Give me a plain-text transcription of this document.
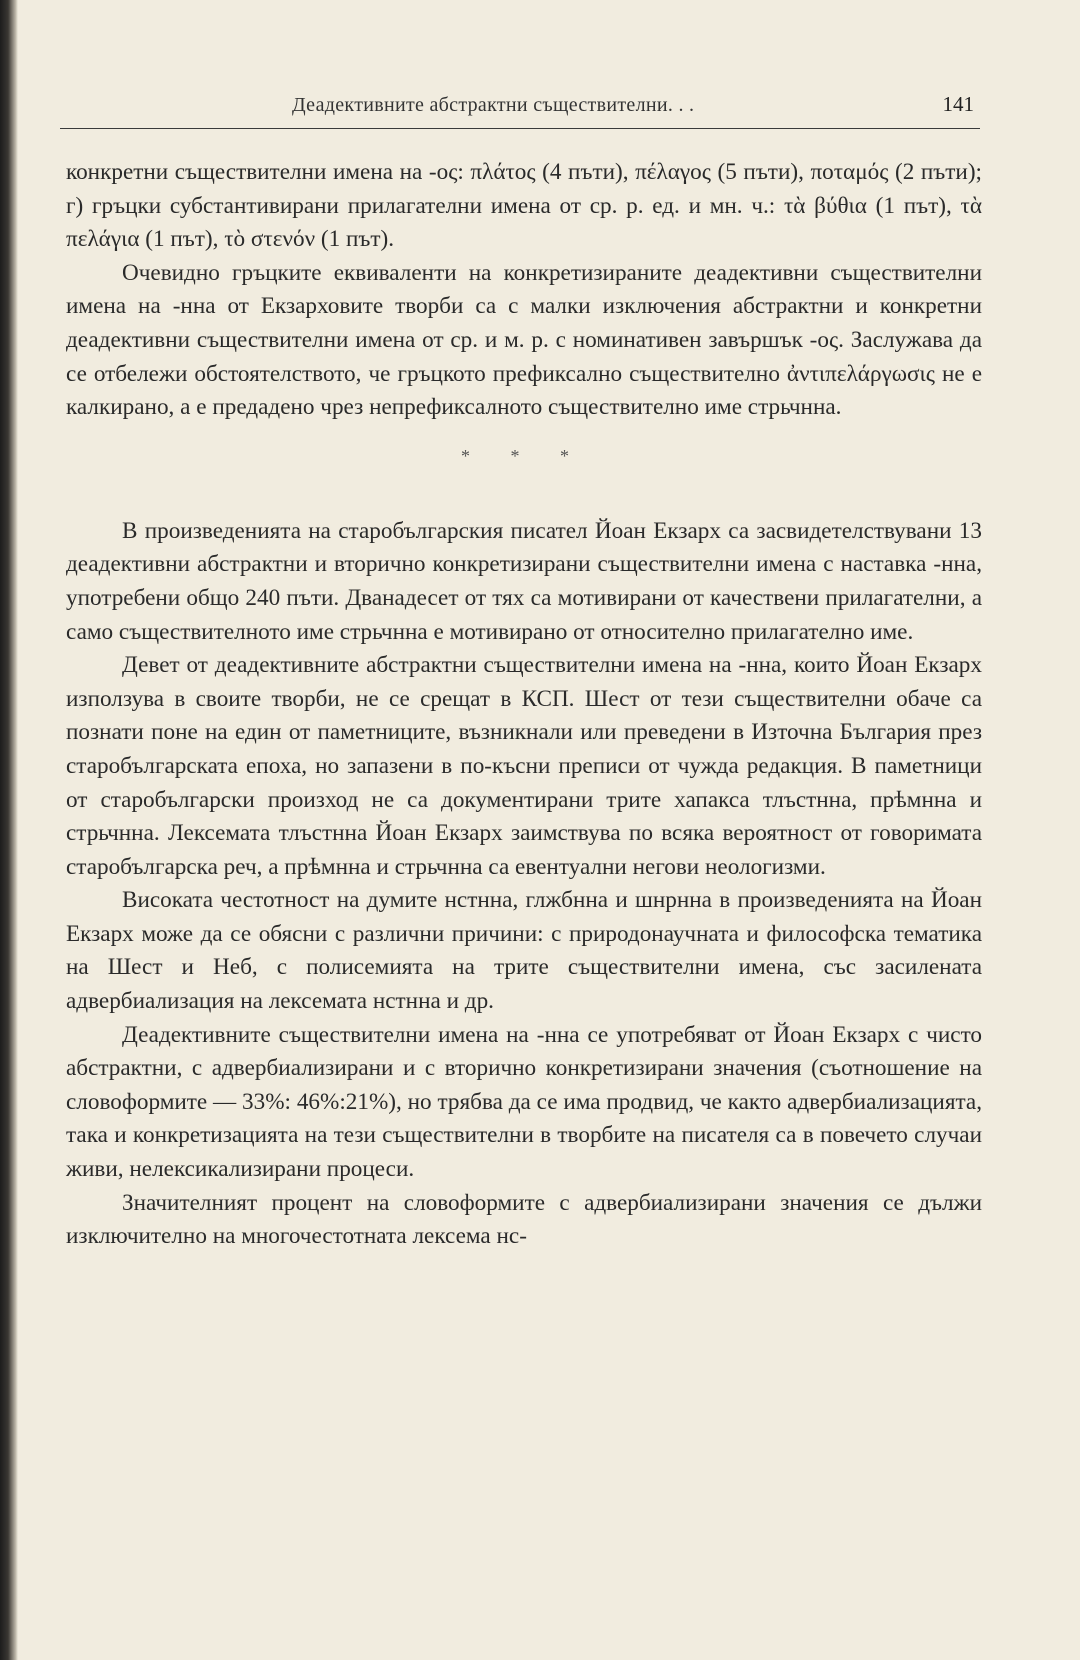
Деадективните абстрактни съществителни. . .	141

конкретни съществителни имена на -ος: πλάτος (4 пъти), πέλαγος (5 пъти), ποταμός (2 пъти); г) гръцки субстантивирани прилагателни имена от ср. р. ед. и мн. ч.: τὰ βύθια (1 път), τὰ πελάγια (1 път), τὸ στενόν (1 път).

Очевидно гръцките еквиваленти на конкретизираните деадективни съществителни имена на -нна от Екзарховите творби са с малки изключения абстрактни и конкретни деадективни съществителни имена от ср. и м. р. с номинативен завършък -ος. Заслужава да се отбележи обстоятелството, че гръцкото префиксално съществително ἀντιπελάργωσις не е калкирано, а е предадено чрез непрефиксалното съществително име стрьчнна.

* * *

В произведенията на старобългарския писател Йоан Екзарх са засвидетелствувани 13 деадективни абстрактни и вторично конкретизирани съществителни имена с наставка -нна, употребени общо 240 пъти. Дванадесет от тях са мотивирани от качествени прилагателни, а само съществителното име стрьчнна е мотивирано от относително прилагателно име.

Девет от деадективните абстрактни съществителни имена на -нна, които Йоан Екзарх използува в своите творби, не се срещат в КСП. Шест от тези съществителни обаче са познати поне на един от паметниците, възникнали или преведени в Източна България през старобългарската епоха, но запазени в по-късни преписи от чужда редакция. В паметници от старобългарски произход не са документирани трите хапакса тлъстнна, прѣмнна и стрьчнна. Лексемата тлъстнна Йоан Екзарх заимствува по всяка вероятност от говоримата старобългарска реч, а прѣмнна и стрьчнна са евентуални негови неологизми.

Високата честотност на думите нстнна, глжбнна и шнрнна в произведенията на Йоан Екзарх може да се обясни с различни причини: с природонаучната и философска тематика на Шест и Неб, с полисемията на трите съществителни имена, със засилената адвербиализация на лексемата нстнна и др.

Деадективните съществителни имена на -нна се употребяват от Йоан Екзарх с чисто абстрактни, с адвербиализирани и с вторично конкретизирани значения (съотношение на словоформите — 33%: 46%:21%), но трябва да се има продвид, че както адвербиализацията, така и конкретизацията на тези съществителни в творбите на писателя са в повечето случаи живи, нелексикализирани процеси.

Значителният процент на словоформите с адвербиализирани значения се дължи изключително на многочестотната лексема нс-
